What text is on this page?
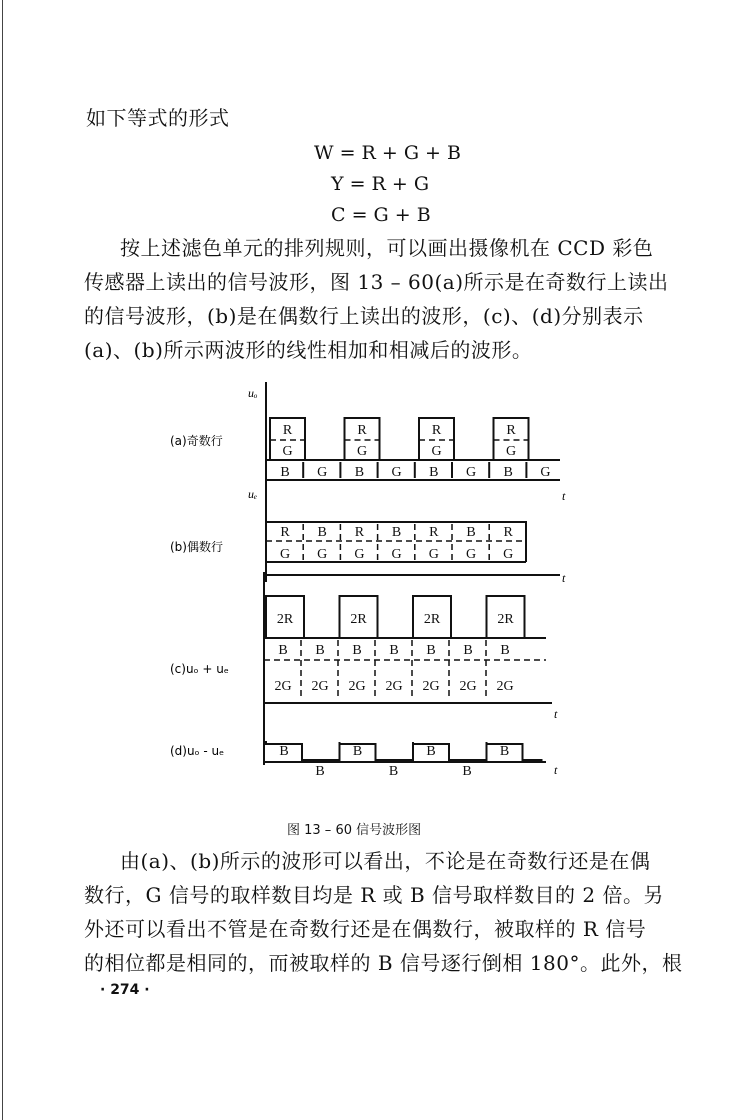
如下等式的形式
W = R + G + B
Y = R + G
C = G + B
按上述滤色单元的排列规则，可以画出摄像机在 CCD 彩色
传感器上读出的信号波形，图 13 – 60(a)所示是在奇数行上读出
的信号波形，(b)是在偶数行上读出的波形，(c)、(d)分别表示
(a)、(b)所示两波形的线性相加和相减后的波形。
(a)奇数行
(b)偶数行
(c)uₒ + uₑ
(d)uₒ - uₑ
uₒ
uₑ	t
t
t
t
R
G
R
G
R
G
R
G
B G B G B G B G
R
G
B
G
R
G
B
G
R
G
B
G
R
G
2R	2R	2R	2R
B
2G
B
2G
B
2G
B
2G
B
2G
B
2G
B
2G
B	B	B	B
B	B	B
图 13 – 60 信号波形图
由(a)、(b)所示的波形可以看出，不论是在奇数行还是在偶
数行，G 信号的取样数目均是 R 或 B 信号取样数目的 2 倍。另
外还可以看出不管是在奇数行还是在偶数行，被取样的 R 信号
的相位都是相同的，而被取样的 B 信号逐行倒相 180°。此外，根
· 274 ·
